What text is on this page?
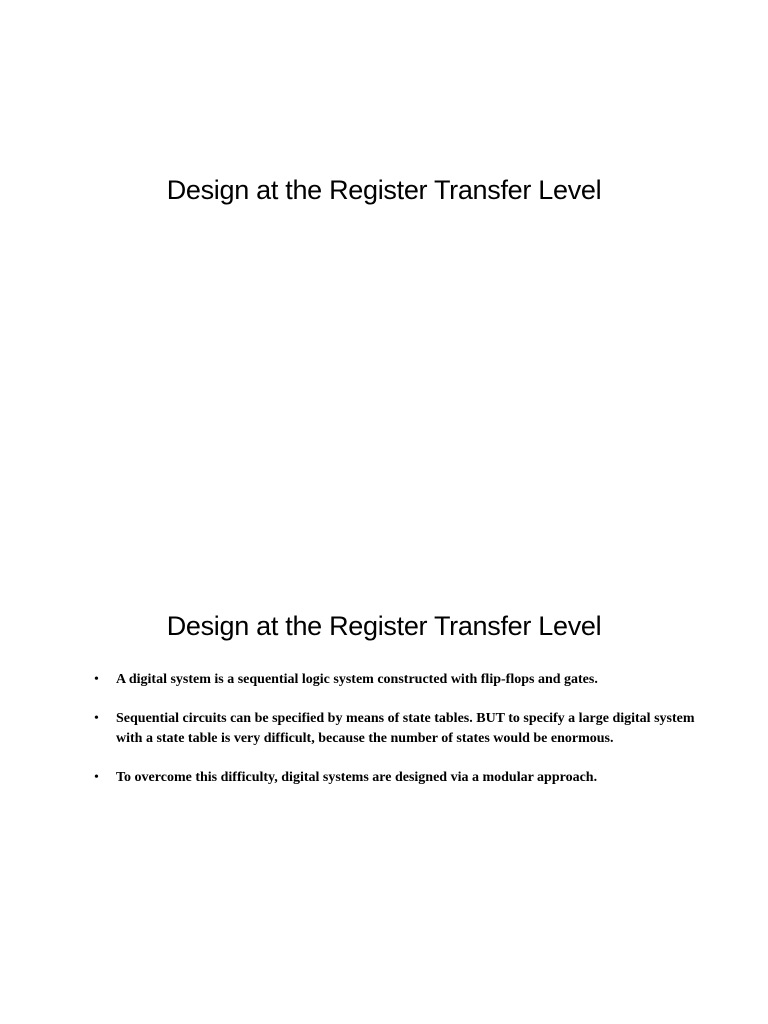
Design at the Register Transfer Level
Design at the Register Transfer Level
• A digital system is a sequential logic system constructed with flip-flops and gates.
• Sequential circuits can be specified by means of state tables. BUT to specify a large digital system with a state table is very difficult, because the number of states would be enormous.
• To overcome this difficulty, digital systems are designed via a modular approach.
